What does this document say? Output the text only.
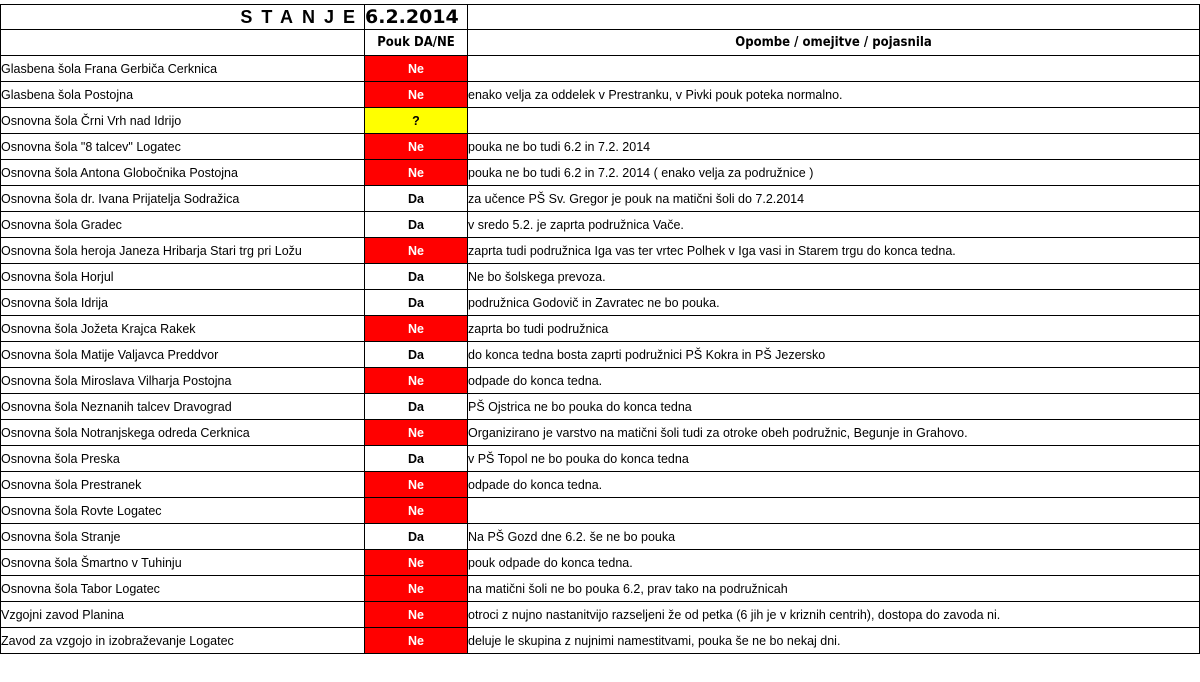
STANJE	6.2.2014	
	Pouk DA/NE	Opombe / omejitve / pojasnila
Glasbena šola Frana Gerbiča Cerknica	Ne	
Glasbena šola Postojna	Ne	enako velja za oddelek v Prestranku, v Pivki pouk poteka normalno.
Osnovna šola Črni Vrh nad Idrijo	?	
Osnovna šola "8 talcev" Logatec	Ne	pouka ne bo tudi 6.2 in 7.2. 2014
Osnovna šola Antona Globočnika Postojna	Ne	pouka ne bo tudi 6.2 in 7.2. 2014 ( enako velja za podružnice )
Osnovna šola dr. Ivana Prijatelja Sodražica	Da	za učence PŠ Sv. Gregor je pouk na matični šoli do 7.2.2014
Osnovna šola Gradec	Da	v sredo 5.2. je zaprta podružnica Vače.
Osnovna šola heroja Janeza Hribarja Stari trg pri Ložu	Ne	zaprta tudi podružnica Iga vas ter vrtec Polhek v Iga vasi in Starem trgu do konca tedna.
Osnovna šola Horjul	Da	Ne bo šolskega prevoza.
Osnovna šola Idrija	Da	podružnica Godovič in Zavratec ne bo pouka.
Osnovna šola Jožeta Krajca Rakek	Ne	zaprta bo tudi podružnica
Osnovna šola Matije Valjavca Preddvor	Da	do konca tedna bosta zaprti podružnici PŠ Kokra in PŠ Jezersko
Osnovna šola Miroslava Vilharja Postojna	Ne	odpade do konca tedna.
Osnovna šola Neznanih talcev Dravograd	Da	PŠ Ojstrica ne bo pouka do konca tedna
Osnovna šola Notranjskega odreda Cerknica	Ne	Organizirano je varstvo na matični šoli tudi za otroke obeh podružnic, Begunje in Grahovo.
Osnovna šola Preska	Da	v PŠ Topol ne bo pouka do konca tedna
Osnovna šola Prestranek	Ne	odpade do konca tedna.
Osnovna šola Rovte Logatec	Ne	
Osnovna šola Stranje	Da	Na PŠ Gozd dne 6.2. še ne bo pouka
Osnovna šola Šmartno v Tuhinju	Ne	pouk odpade do konca tedna.
Osnovna šola Tabor Logatec	Ne	na matični šoli ne bo pouka 6.2, prav tako na podružnicah
Vzgojni zavod Planina	Ne	otroci z nujno nastanitvijo razseljeni že od petka (6 jih je v kriznih centrih), dostopa do zavoda ni.
Zavod za vzgojo in izobraževanje Logatec	Ne	deluje le skupina z nujnimi namestitvami, pouka še ne bo nekaj dni.
